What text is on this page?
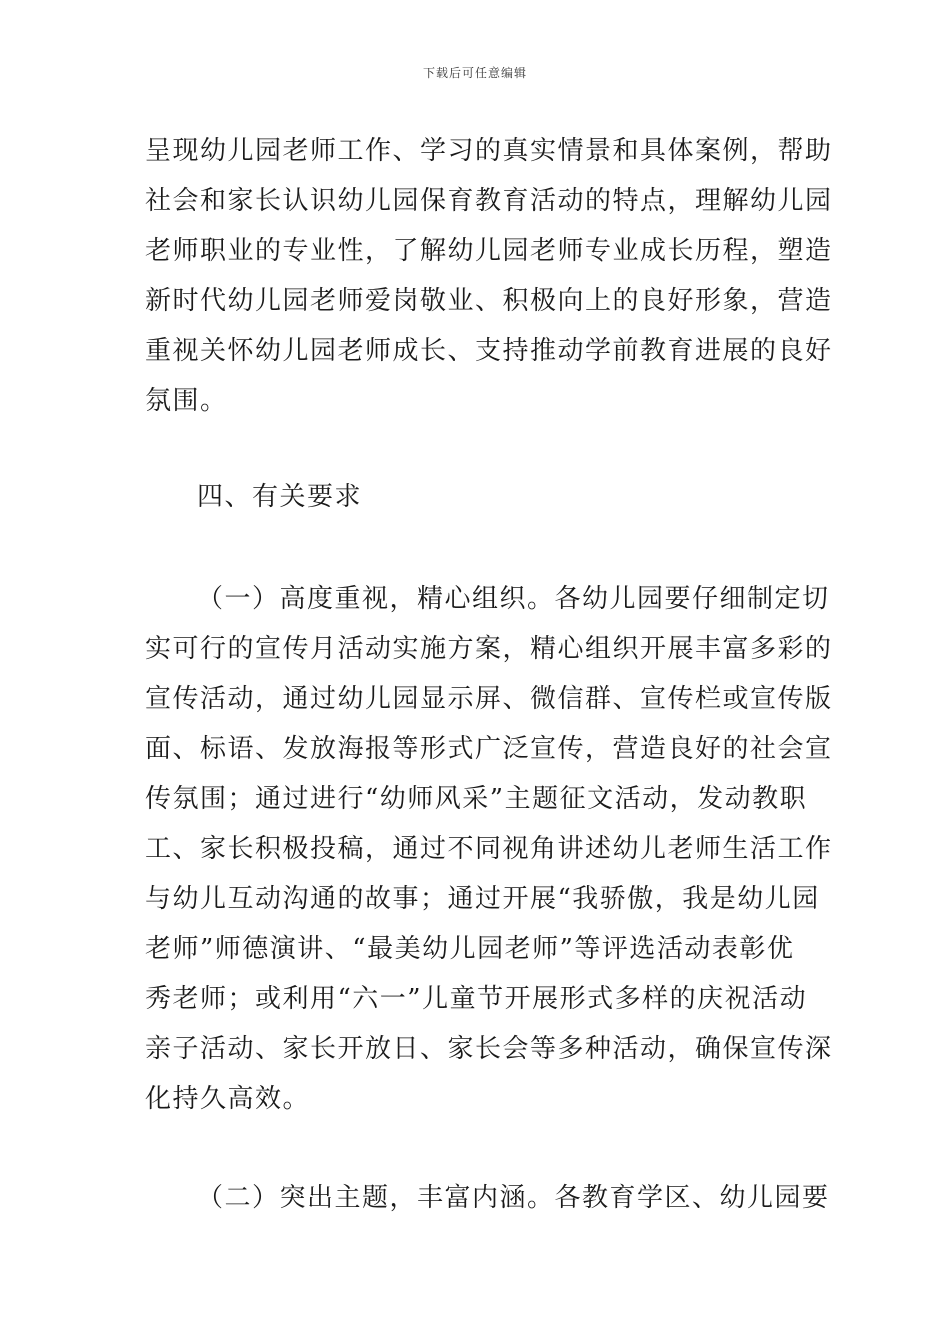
下载后可任意编辑
呈现幼儿园老师工作、学习的真实情景和具体案例，帮助
社会和家长认识幼儿园保育教育活动的特点，理解幼儿园
老师职业的专业性，了解幼儿园老师专业成长历程，塑造
新时代幼儿园老师爱岗敬业、积极向上的良好形象，营造
重视关怀幼儿园老师成长、支持推动学前教育进展的良好
氛围。
四、有关要求
（一）高度重视，精心组织。各幼儿园要仔细制定切
实可行的宣传月活动实施方案，精心组织开展丰富多彩的
宣传活动，通过幼儿园显示屏、微信群、宣传栏或宣传版
面、标语、发放海报等形式广泛宣传，营造良好的社会宣
传氛围；通过进行“幼师风采”主题征文活动，发动教职
工、家长积极投稿，通过不同视角讲述幼儿老师生活工作
与幼儿互动沟通的故事；通过开展“我骄傲，我是幼儿园
老师”师德演讲、“最美幼儿园老师”等评选活动表彰优
秀老师；或利用“六一”儿童节开展形式多样的庆祝活动
亲子活动、家长开放日、家长会等多种活动，确保宣传深
化持久高效。
（二）突出主题，丰富内涵。各教育学区、幼儿园要
